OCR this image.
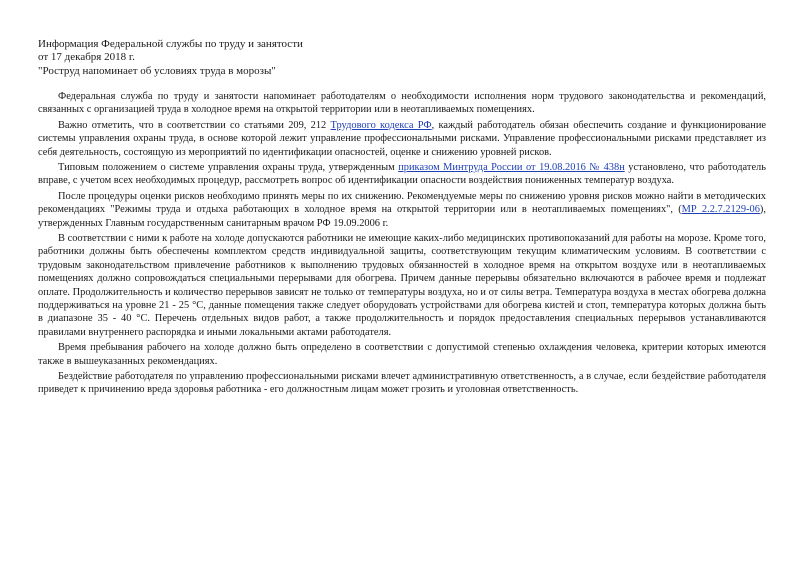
Информация Федеральной службы по труду и занятости
от 17 декабря 2018 г.
"Роструд напоминает об условиях труда в морозы"

Федеральная служба по труду и занятости напоминает работодателям о необходимости исполнения норм трудового законодательства и рекомендаций, связанных с организацией труда в холодное время на открытой территории или в неотапливаемых помещениях.

Важно отметить, что в соответствии со статьями 209, 212 Трудового кодекса РФ, каждый работодатель обязан обеспечить создание и функционирование системы управления охраны труда, в основе которой лежит управление профессиональными рисками. Управление профессиональными рисками представляет из себя деятельность, состоящую из мероприятий по идентификации опасностей, оценке и снижению уровней рисков.

Типовым положением о системе управления охраны труда, утвержденным приказом Минтруда России от 19.08.2016 № 438н установлено, что работодатель вправе, с учетом всех необходимых процедур, рассмотреть вопрос об идентификации опасности воздействия пониженных температур воздуха.

После процедуры оценки рисков необходимо принять меры по их снижению. Рекомендуемые меры по снижению уровня рисков можно найти в методических рекомендациях "Режимы труда и отдыха работающих в холодное время на открытой территории или в неотапливаемых помещениях", (МР 2.2.7.2129-06), утвержденных Главным государственным санитарным врачом РФ 19.09.2006 г.

В соответствии с ними к работе на холоде допускаются работники не имеющие каких-либо медицинских противопоказаний для работы на морозе. Кроме того, работники должны быть обеспечены комплектом средств индивидуальной защиты, соответствующим текущим климатическим условиям. В соответствии с трудовым законодательством привлечение работников к выполнению трудовых обязанностей в холодное время на открытом воздухе или в неотапливаемых помещениях должно сопровождаться специальными перерывами для обогрева. Причем данные перерывы обязательно включаются в рабочее время и подлежат оплате. Продолжительность и количество перерывов зависят не только от температуры воздуха, но и от силы ветра. Температура воздуха в местах обогрева должна поддерживаться на уровне 21 - 25 °C, данные помещения также следует оборудовать устройствами для обогрева кистей и стоп, температура которых должна быть в диапазоне 35 - 40 °C. Перечень отдельных видов работ, а также продолжительность и порядок предоставления специальных перерывов устанавливаются правилами внутреннего распорядка и иными локальными актами работодателя.

Время пребывания рабочего на холоде должно быть определено в соответствии с допустимой степенью охлаждения человека, критерии которых имеются также в вышеуказанных рекомендациях.

Бездействие работодателя по управлению профессиональными рисками влечет административную ответственность, а в случае, если бездействие работодателя приведет к причинению вреда здоровья работника - его должностным лицам может грозить и уголовная ответственность.
